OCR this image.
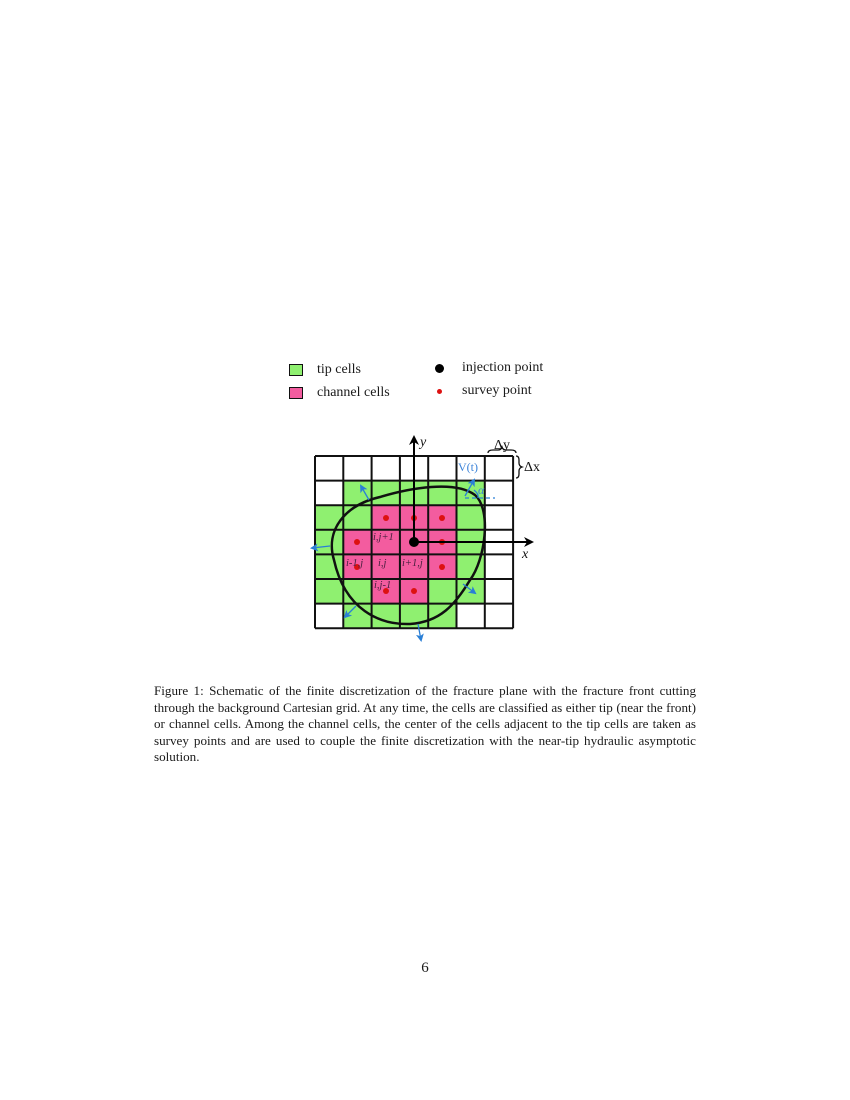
tip cells
channel cells
injection point
survey point
y
x
Δy
Δx
V(t)
α
i,j+1
i-1,j i,j i+1,j
i,j-1
Figure 1: Schematic of the finite discretization of the fracture plane with the fracture front cutting through the background Cartesian grid. At any time, the cells are classified as either tip (near the front) or channel cells. Among the channel cells, the center of the cells adjacent to the tip cells are taken as survey points and are used to couple the finite discretization with the near-tip hydraulic asymptotic solution.
6
